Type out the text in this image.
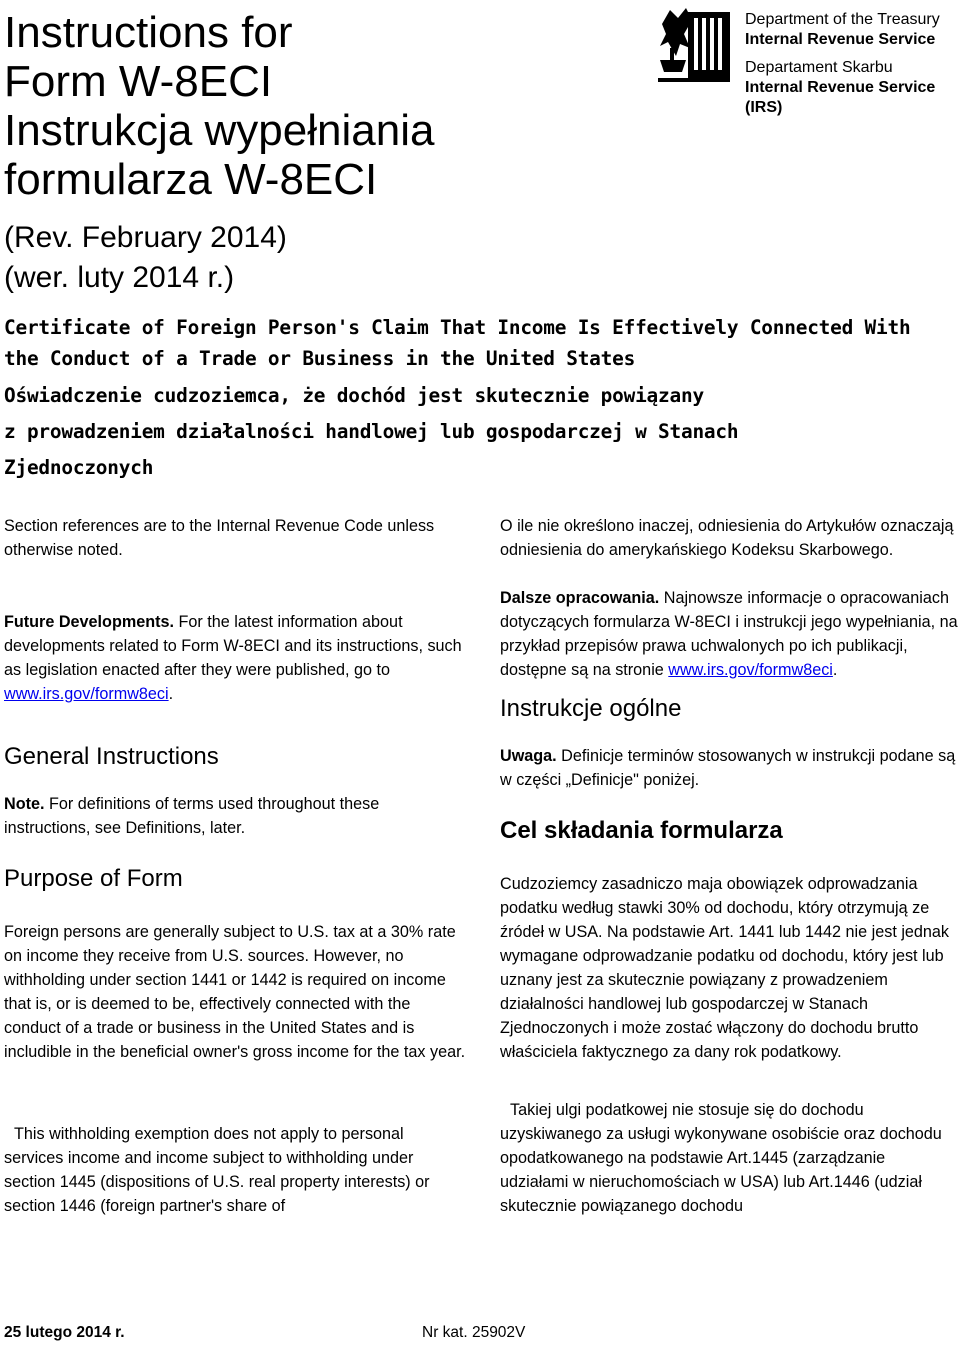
Instructions for
Form W-8ECI
Instrukcja wypełniania
formularza W-8ECI
(Rev. February 2014)
(wer. luty 2014 r.)
Department of the Treasury
Internal Revenue Service
Departament Skarbu
Internal Revenue Service
(IRS)
Certificate of Foreign Person's Claim That Income Is Effectively Connected With
the Conduct of a Trade or Business in the United States
Oświadczenie cudzoziemca, że dochód jest skutecznie powiązany
z prowadzeniem działalności handlowej lub gospodarczej w Stanach
Zjednoczonych

Section references are to the Internal Revenue Code unless otherwise noted.

Future Developments. For the latest information about developments related to Form W-8ECI and its instructions, such as legislation enacted after they were published, go to www.irs.gov/formw8eci.

General Instructions

Note. For definitions of terms used throughout these instructions, see Definitions, later.

Purpose of Form

Foreign persons are generally subject to U.S. tax at a 30% rate on income they receive from U.S. sources. However, no withholding under section 1441 or 1442 is required on income that is, or is deemed to be, effectively connected with the conduct of a trade or business in the United States and is includible in the beneficial owner's gross income for the tax year.

This withholding exemption does not apply to personal services income and income subject to withholding under section 1445 (dispositions of U.S. real property interests) or section 1446 (foreign partner's share of

O ile nie określono inaczej, odniesienia do Artykułów oznaczają odniesienia do amerykańskiego Kodeksu Skarbowego.

Dalsze opracowania. Najnowsze informacje o opracowaniach dotyczących formularza W-8ECI i instrukcji jego wypełniania, na przykład przepisów prawa uchwalonych po ich publikacji, dostępne są na stronie www.irs.gov/formw8eci.

Instrukcje ogólne

Uwaga. Definicje terminów stosowanych w instrukcji podane są w części „Definicje" poniżej.

Cel składania formularza

Cudzoziemcy zasadniczo maja obowiązek odprowadzania podatku według stawki 30% od dochodu, który otrzymują ze źródeł w USA. Na podstawie Art. 1441 lub 1442 nie jest jednak wymagane odprowadzanie podatku od dochodu, który jest lub uznany jest za skutecznie powiązany z prowadzeniem działalności handlowej lub gospodarczej w Stanach Zjednoczonych i może zostać włączony do dochodu brutto właściciela faktycznego za dany rok podatkowy.

Takiej ulgi podatkowej nie stosuje się do dochodu uzyskiwanego za usługi wykonywane osobiście oraz dochodu opodatkowanego na podstawie Art.1445 (zarządzanie udziałami w nieruchomościach w USA) lub Art.1446 (udział skutecznie powiązanego dochodu

25 lutego 2014 r.	Nr kat. 25902V
